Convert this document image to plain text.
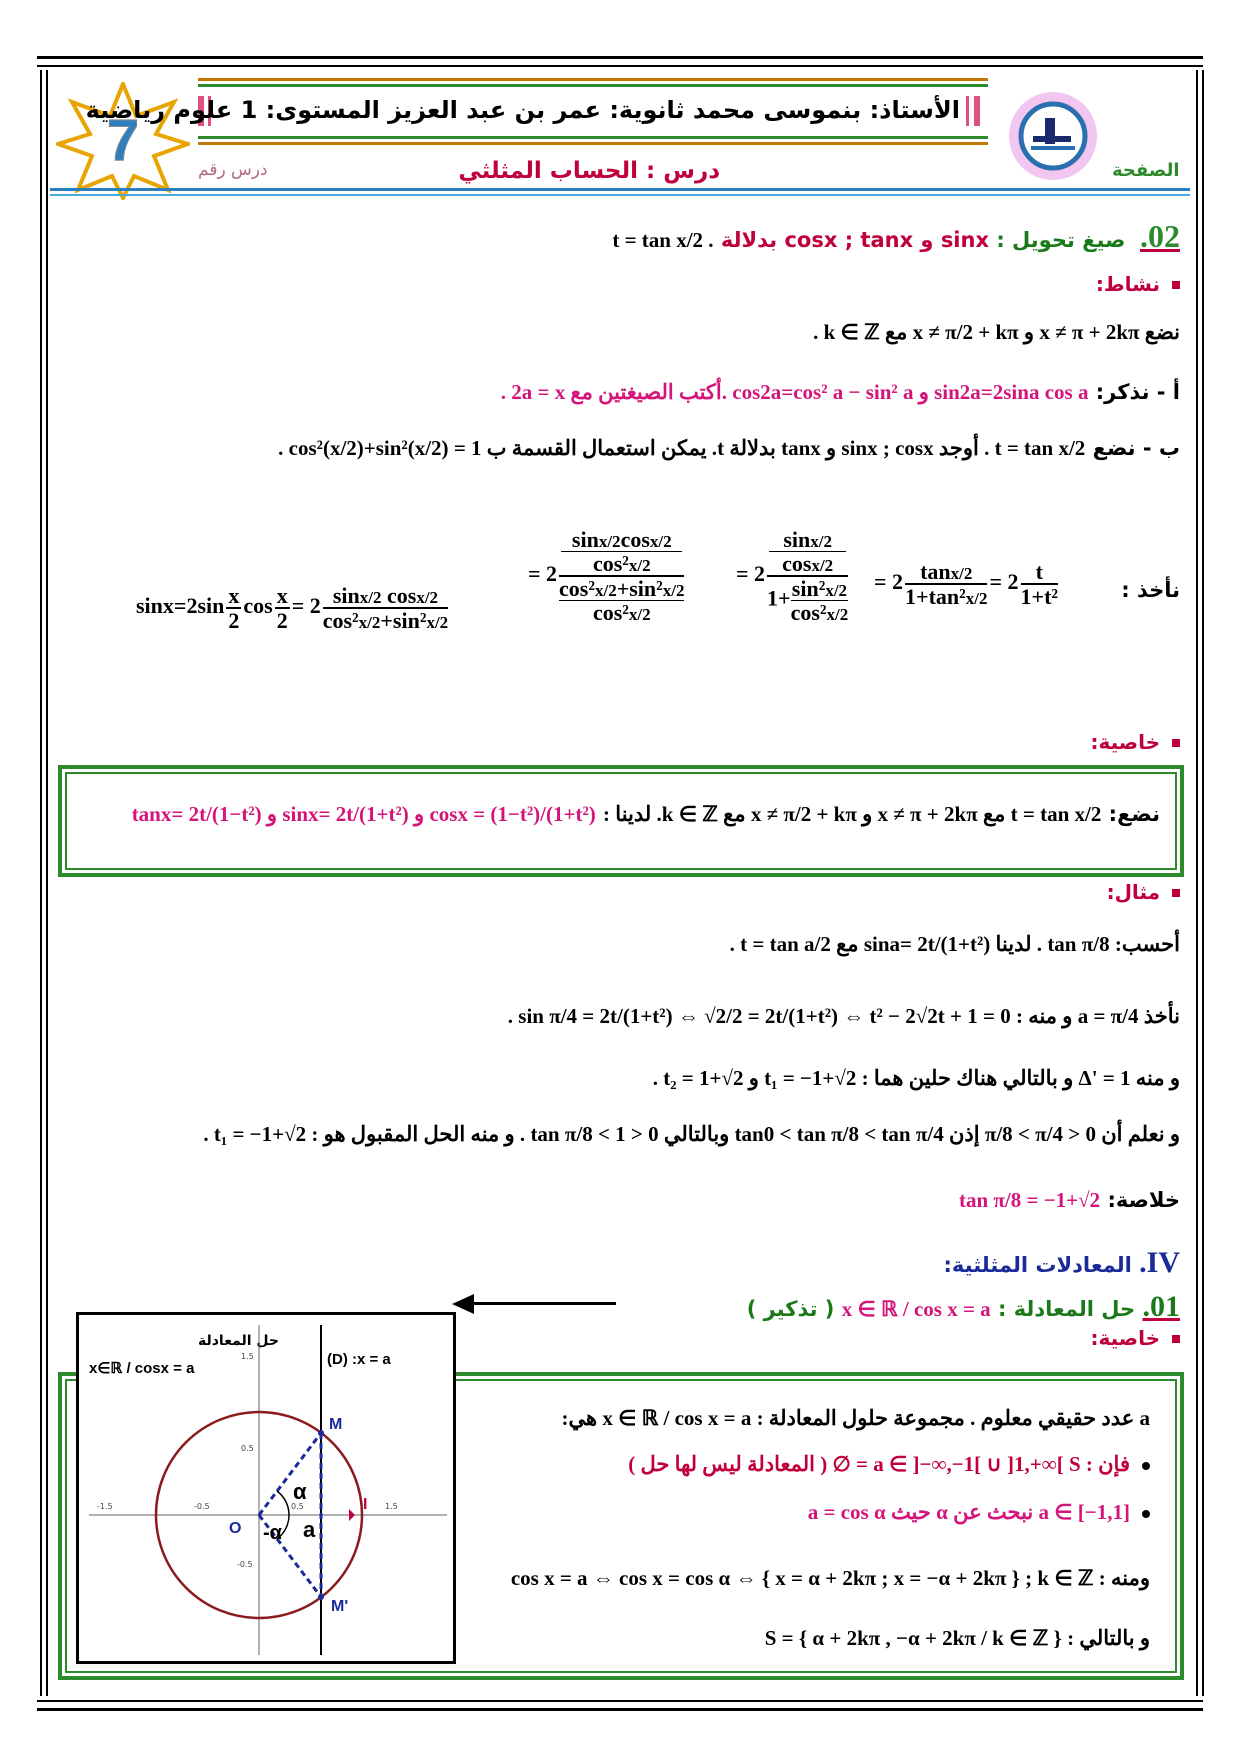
7
الأستاذ: بنموسى محمد ثانوية: عمر بن عبد العزيز المستوى: 1 علوم رياضية
الصفحة
درس رقم	درس : الحساب المثلثي
02.  صيغ تحويل : sinx و cosx ; tanx بدلالة t = tan x/2 .
نشاط:
نضع x ≠ π + 2kπ و x ≠ π/2 + kπ مع k ∈ ℤ .
أ - نذكر: sin2a=2sina cos a و cos2a=cos² a − sin² a .أكتب الصيغتين مع 2a = x .
ب - نضع t = tan x/2 . أوجد sinx ; cosx و tanx بدلالة t. يمكن استعمال القسمة ب 1 = cos²(x/2)+sin²(x/2) .
نأخذ :
$\sin x=2\sin \frac{x}{2}$ $\cos \frac{x}{2} = 2 \frac{\sin x/2 \cos x/2}{\text{cos²x/2+sin²x/2}}$
= 2 sinx/2cosx/2
cos²x/2
cos²x/2+sin²x/2
cos²x/2 = 2 sinx/2
cosx/2
$1+ \frac{\text{sin²x/2}}{\text{cos²x/2}} = 2 \frac{\tan x/2}{\text{1+tan²x/2}} = 2 \frac{t}{\text{1+t²}}$
خاصية:
نضع: t = tan x/2 مع x ≠ π + 2kπ و x ≠ π/2 + kπ مع k ∈ ℤ. لدينا : cosx = (1−t²)/(1+t²) و sinx= 2t/(1+t²) و tanx= 2t/(1−t²)
مثال:
أحسب: tan π/8 . لدينا sina= 2t/(1+t²) مع t = tan a/2 .
نأخذ a = π/4 و منه : sin π/4 = 2t/(1+t²) ⇔ √2/2 = 2t/(1+t²) ⇔ t² − 2√2t + 1 = 0 .
و منه Δ' = 1 و بالتالي هناك حلين هما : t₁ = −1+√2 و t₂ = 1+√2 .
و نعلم أن 0 < π/8 < π/4 إذن tan0 < tan π/8 < tan π/4 وبالتالي 0 < tan π/8 < 1 . و منه الحل المقبول هو : t₁ = −1+√2 .
خلاصة: tan π/8 = −1+√2
IV. المعادلات المثلثية:
01. حل المعادلة : x ∈ ℝ / cos x = a ( تذكير )
خاصية:
a عدد حقيقي معلوم . مجموعة حلول المعادلة : x ∈ ℝ / cos x = a هي:
فإن : a ∈ ]−∞,−1[ ∪ ]1,+∞[ S = ∅ ( المعادلة ليس لها حل )
a ∈ [−1,1] نبحث عن α حيث a = cos α
ومنه : cos x = a ⇔ cos x = cos α ⇔ { x = α + 2kπ ; x = −α + 2kπ } ; k ∈ ℤ
و بالتالي : S = { α + 2kπ , −α + 2kπ / k ∈ ℤ }
حل المعادلة
x∈ℝ / cosx = a
(D) :x = a
M
M'
O
I
a
α
-α
-1.5	-0.5	0.5	1.5
1.5
0.5
-0.5
